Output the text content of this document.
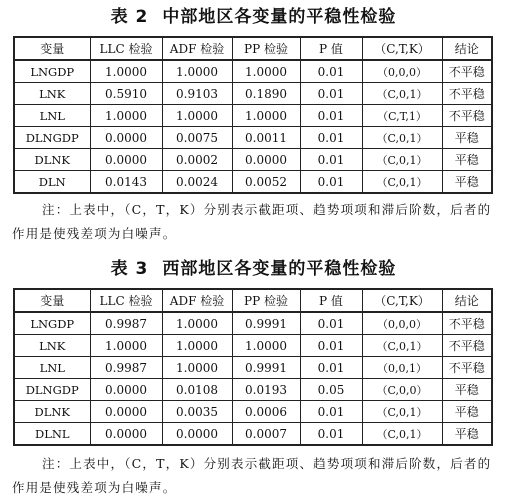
表 2 中部地区各变量的平稳性检验
变量	LLC 检验	ADF 检验	PP 检验	P 值	（C,T,K）	结论
LNGDP	1.0000	1.0000	1.0000	0.01	（0,0,0）	不平稳
LNK	0.5910	0.9103	0.1890	0.01	（C,0,1）	不平稳
LNL	1.0000	1.0000	1.0000	0.01	（C,T,1）	不平稳
DLNGDP	0.0000	0.0075	0.0011	0.01	（C,0,1）	平稳
DLNK	0.0000	0.0002	0.0000	0.01	（C,0,1）	平稳
DLN	0.0143	0.0024	0.0052	0.01	（C,0,1）	平稳
注：上表中，（C，T，K）分别表示截距项、趋势项项和滞后阶数，后者的作用是使残差项为白噪声。
表 3 西部地区各变量的平稳性检验
变量	LLC 检验	ADF 检验	PP 检验	P 值	（C,T,K）	结论
LNGDP	0.9987	1.0000	0.9991	0.01	（0,0,0）	不平稳
LNK	1.0000	1.0000	1.0000	0.01	（C,0,1）	不平稳
LNL	0.9987	1.0000	0.9991	0.01	（0,0,1）	不平稳
DLNGDP	0.0000	0.0108	0.0193	0.05	（C,0,0）	平稳
DLNK	0.0000	0.0035	0.0006	0.01	（C,0,1）	平稳
DLNL	0.0000	0.0000	0.0007	0.01	（C,0,1）	平稳
注：上表中，（C，T，K）分别表示截距项、趋势项项和滞后阶数，后者的作用是使残差项为白噪声。
